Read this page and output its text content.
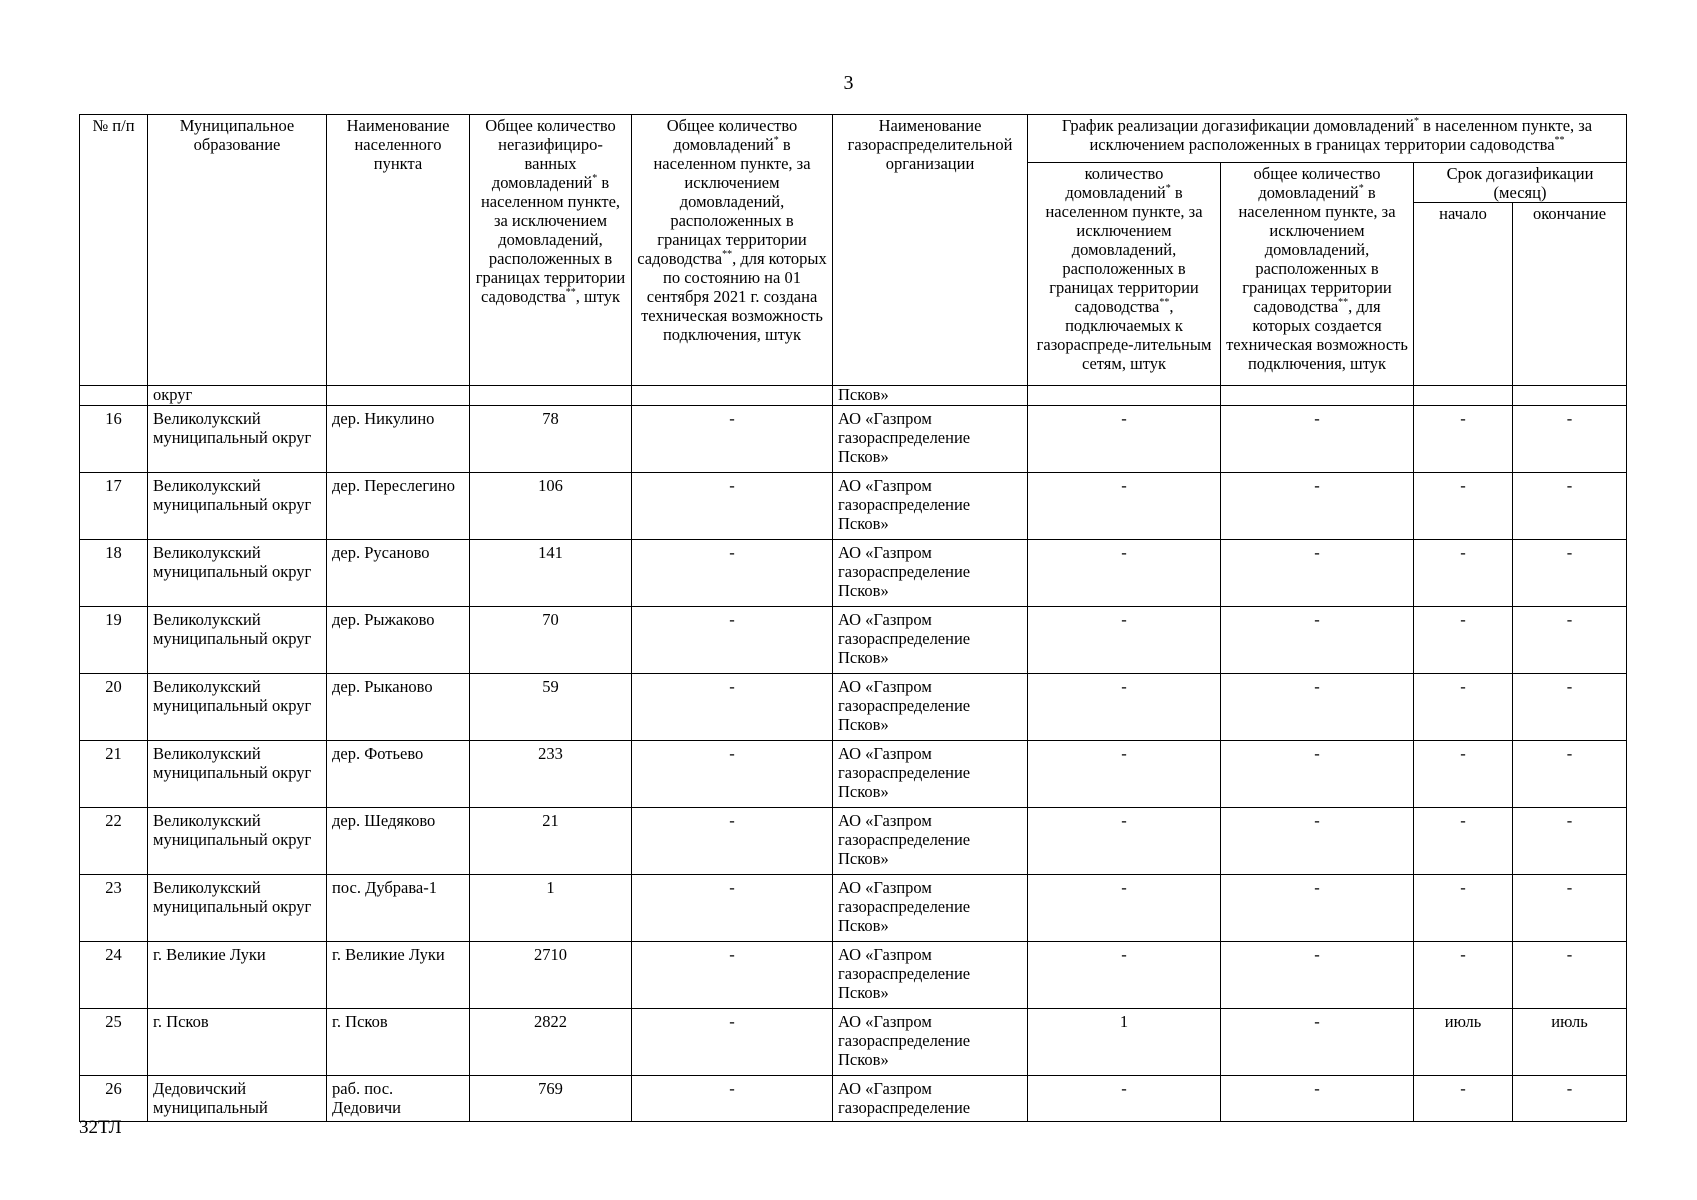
3
№ п/п	Муниципальное образование	Наименование населенного пункта	Общее количество негазифициро-ванных домовладений* в населенном пункте, за исключением домовладений, расположенных в границах территории садоводства**, штук	Общее количество домовладений* в населенном пункте, за исключением домовладений, расположенных в границах территории садоводства**, для которых по состоянию на 01 сентября 2021 г. создана техническая возможность подключения, штук	Наименование газораспределительной организации	График реализации догазификации домовладений* в населенном пункте, за исключением расположенных в границах территории садоводства**
						количество домовладений* в населенном пункте, за исключением домовладений, расположенных в границах территории садоводства**, подключаемых к газораспреде-лительным сетям, штук	общее количество домовладений* в населенном пункте, за исключением домовладений, расположенных в границах территории садоводства**, для которых создается техническая возможность подключения, штук	Срок догазификации (месяц)	
								начало	окончание
	округ				Псков»				
16	Великолукский муниципальный округ	дер. Никулино	78	-	АО «Газпром газораспределение Псков»	-	-	-	-
17	Великолукский муниципальный округ	дер. Переслегино	106	-	АО «Газпром газораспределение Псков»	-	-	-	-
18	Великолукский муниципальный округ	дер. Русаново	141	-	АО «Газпром газораспределение Псков»	-	-	-	-
19	Великолукский муниципальный округ	дер. Рыжаково	70	-	АО «Газпром газораспределение Псков»	-	-	-	-
20	Великолукский муниципальный округ	дер. Рыканово	59	-	АО «Газпром газораспределение Псков»	-	-	-	-
21	Великолукский муниципальный округ	дер. Фотьево	233	-	АО «Газпром газораспределение Псков»	-	-	-	-
22	Великолукский муниципальный округ	дер. Шедяково	21	-	АО «Газпром газораспределение Псков»	-	-	-	-
23	Великолукский муниципальный округ	пос. Дубрава-1	1	-	АО «Газпром газораспределение Псков»	-	-	-	-
24	г. Великие Луки	г. Великие Луки	2710	-	АО «Газпром газораспределение Псков»	-	-	-	-
25	г. Псков	г. Псков	2822	-	АО «Газпром газораспределение Псков»	1	-	июль	июль
26	Дедовичский муниципальный	раб. пос. Дедовичи	769	-	АО «Газпром газораспределение	-	-	-	-
32ТЛ
